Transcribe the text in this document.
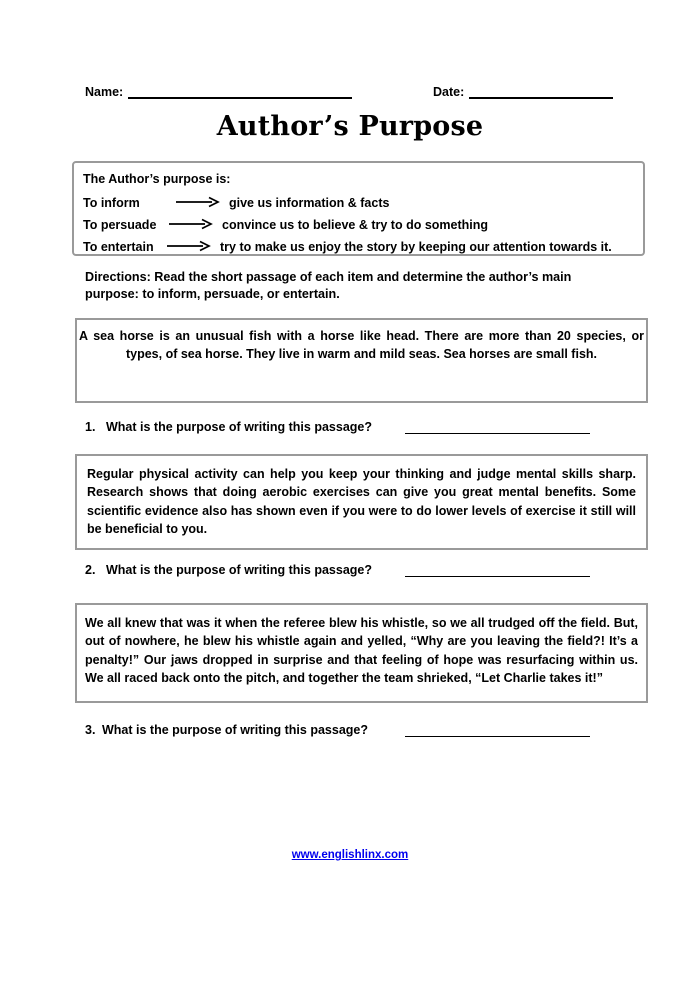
Name:	Date:
Author’s Purpose
The Author’s purpose is:
To inform	give us information & facts
To persuade	convince us to believe & try to do something
To entertain	try to make us enjoy the story by keeping our attention towards it.
Directions: Read the short passage of each item and determine the author’s main purpose: to inform, persuade, or entertain.
A sea horse is an unusual fish with a horse like head. There are more than 20 species, or types, of sea horse. They live in warm and mild seas. Sea horses are small fish.
1. What is the purpose of writing this passage?
Regular physical activity can help you keep your thinking and judge mental skills sharp. Research shows that doing aerobic exercises can give you great mental benefits. Some scientific evidence also has shown even if you were to do lower levels of exercise it still will be beneficial to you.
2. What is the purpose of writing this passage?
We all knew that was it when the referee blew his whistle, so we all trudged off the field. But, out of nowhere, he blew his whistle again and yelled, “Why are you leaving the field?! It’s a penalty!” Our jaws dropped in surprise and that feeling of hope was resurfacing within us. We all raced back onto the pitch, and together the team shrieked, “Let Charlie takes it!”
3. What is the purpose of writing this passage?
www.englishlinx.com
